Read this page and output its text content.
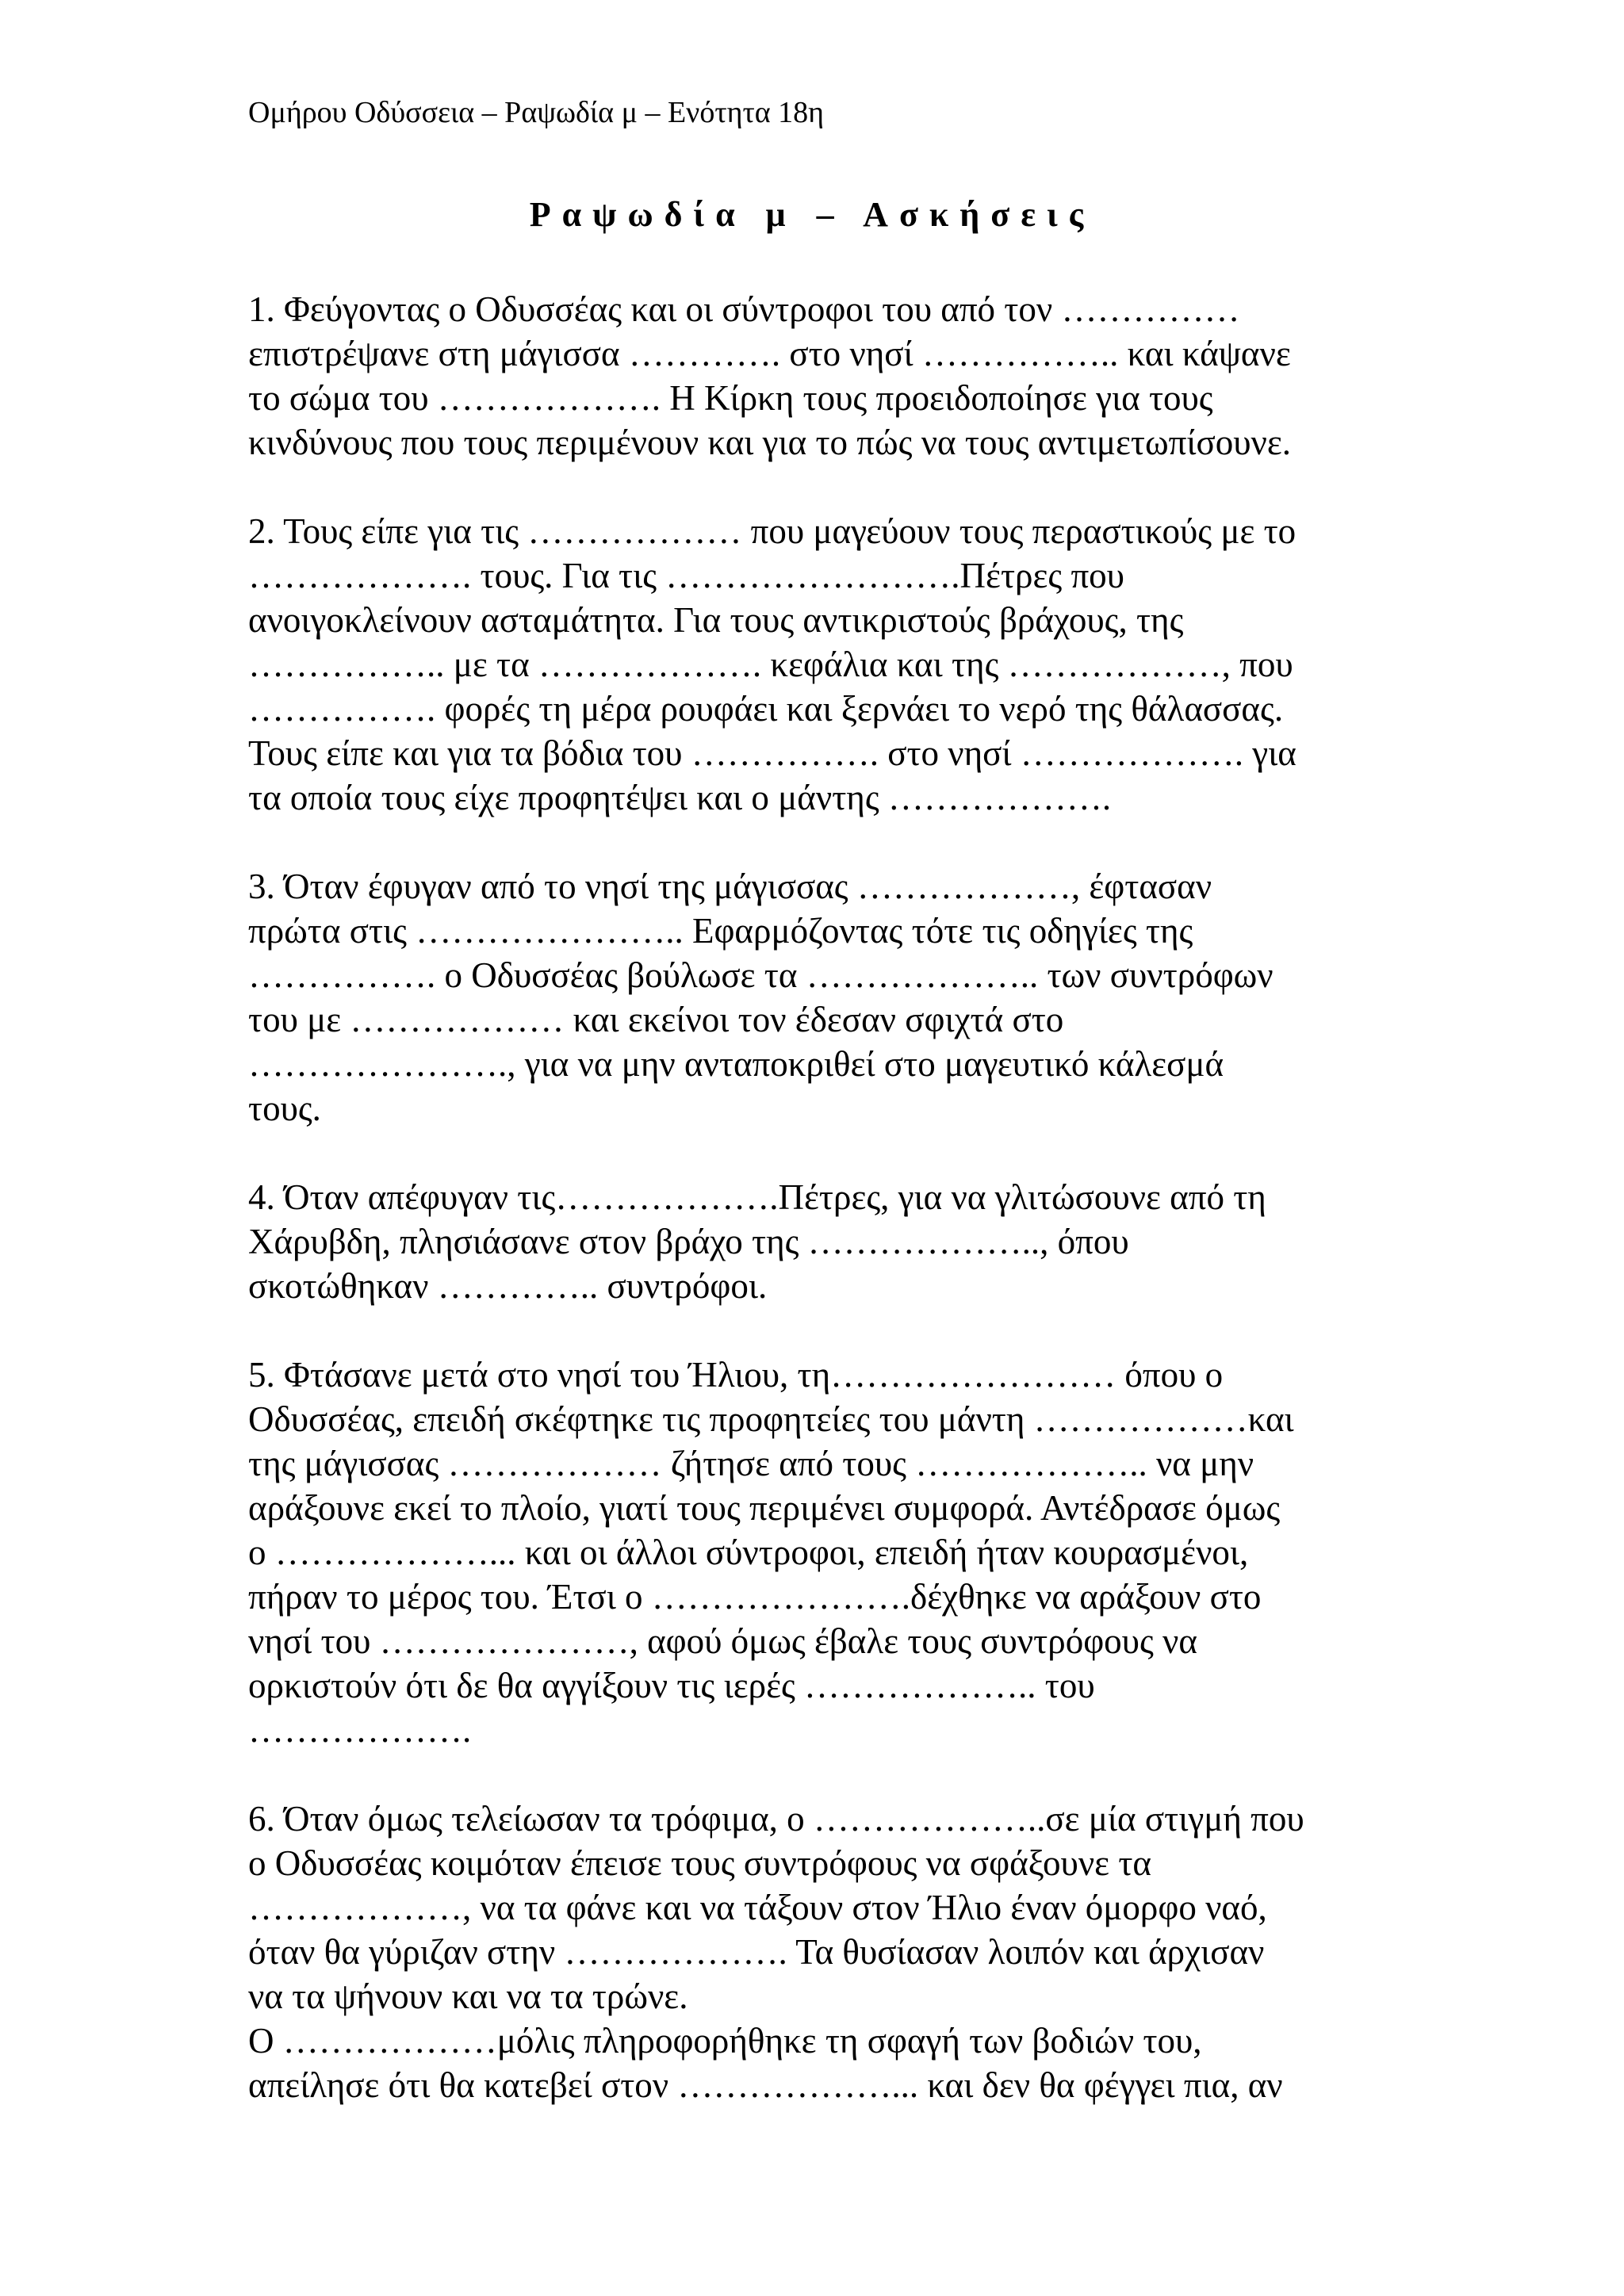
Ομήρου Οδύσσεια – Ραψωδία μ – Ενότητα 18η
Ραψωδία μ – Ασκήσεις
1. Φεύγοντας ο Οδυσσέας και οι σύντροφοι του από τον ……………
επιστρέψανε στη μάγισσα …………. στο νησί …………….. και κάψανε
το σώμα του ………………. Η Κίρκη τους προειδοποίησε για τους
κινδύνους που τους περιμένουν και για το πώς να τους αντιμετωπίσουνε.
2. Τους είπε για τις ……………… που μαγεύουν τους περαστικούς με το
………………. τους. Για τις …………………….Πέτρες που
ανοιγοκλείνουν ασταμάτητα. Για τους αντικριστούς βράχους, της
…………….. με τα ………………. κεφάλια και της ………………, που
……………. φορές τη μέρα ρουφάει και ξερνάει το νερό της θάλασσας.
Τους είπε και για τα βόδια του ……………. στο νησί ………………. για
τα οποία τους είχε προφητέψει και ο μάντης ……………….
3. Όταν έφυγαν από το νησί της μάγισσας ………………, έφτασαν
πρώτα στις ………………….. Εφαρμόζοντας τότε τις οδηγίες της
……………. ο Οδυσσέας βούλωσε τα ……………….. των συντρόφων
του με ……………… και εκείνοι τον έδεσαν σφιχτά στο
…………………., για να μην ανταποκριθεί στο μαγευτικό κάλεσμά
τους.
4. Όταν απέφυγαν τις……………….Πέτρες, για να γλιτώσουνε από τη
Χάρυβδη, πλησιάσανε στον βράχο της ……………….., όπου
σκοτώθηκαν ………….. συντρόφοι.
5. Φτάσανε μετά στο νησί του Ήλιου, τη…………………… όπου ο
Οδυσσέας, επειδή σκέφτηκε τις προφητείες του μάντη ………………και
της μάγισσας ……………… ζήτησε από τους ……………….. να μην
αράξουνε εκεί το πλοίο, γιατί τους περιμένει συμφορά. Αντέδρασε όμως
ο ………………... και οι άλλοι σύντροφοι, επειδή ήταν κουρασμένοι,
πήραν το μέρος του. Έτσι ο ………………….δέχθηκε να αράξουν στο
νησί του …………………, αφού όμως έβαλε τους συντρόφους να
ορκιστούν ότι δε θα αγγίξουν τις ιερές ……………….. του
……………….
6. Όταν όμως τελείωσαν τα τρόφιμα, ο ………………..σε μία στιγμή που
ο Οδυσσέας κοιμόταν έπεισε τους συντρόφους να σφάξουνε τα
………………, να τα φάνε και να τάξουν στον Ήλιο έναν όμορφο ναό,
όταν θα γύριζαν στην ………………. Τα θυσίασαν λοιπόν και άρχισαν
να τα ψήνουν και να τα τρώνε.
Ο ………………μόλις πληροφορήθηκε τη σφαγή των βοδιών του,
απείλησε ότι θα κατεβεί στον ………………... και δεν θα φέγγει πια, αν
